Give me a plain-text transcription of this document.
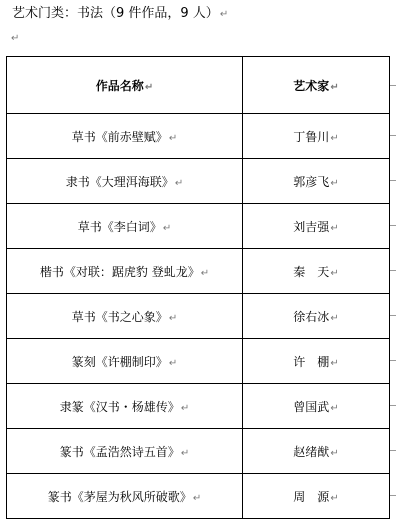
艺术门类：书法（9 件作品，9 人）↵
↵
作品名称↵	艺术家↵
草书《前赤壁赋》↵	丁鲁川↵
隶书《大理洱海联》↵	郭彦飞↵
草书《李白词》↵	刘吉强↵
楷书《对联：踞虎豹 登虬龙》↵	秦　天↵
草书《书之心象》↵	徐右冰↵
篆刻《许棚制印》↵	许　棚↵
隶篆《汉书・杨雄传》↵	曾国武↵
篆书《孟浩然诗五首》↵	赵绪猷↵
篆书《茅屋为秋风所破歌》↵	周　源↵
